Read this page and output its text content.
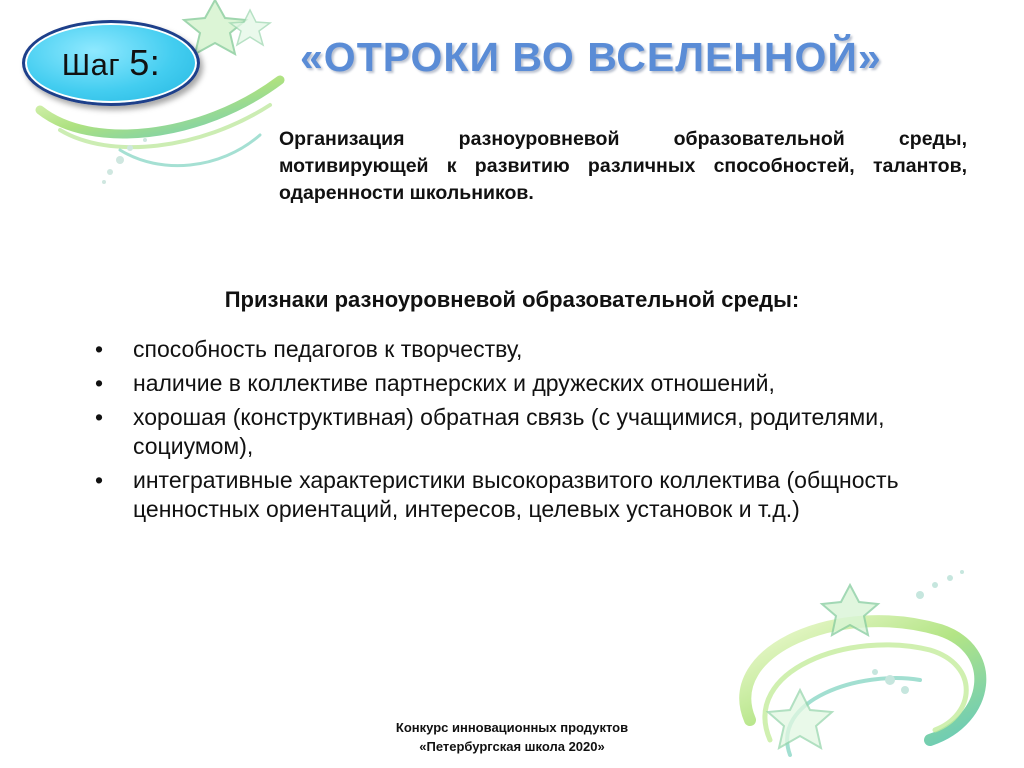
Шаг 5:	«ОТРОКИ ВО ВСЕЛЕННОЙ»
Организация разноуровневой образовательной среды, мотивирующей к развитию различных способностей, талантов, одаренности школьников.
Признаки разноуровневой образовательной среды:
• способность педагогов к творчеству,
• наличие в коллективе партнерских и дружеских отношений,
• хорошая (конструктивная) обратная связь (с учащимися, родителями, социумом),
• интегративные характеристики высокоразвитого коллектива (общность ценностных ориентаций, интересов, целевых установок и т.д.)
Конкурс инновационных продуктов
«Петербургская школа 2020»
